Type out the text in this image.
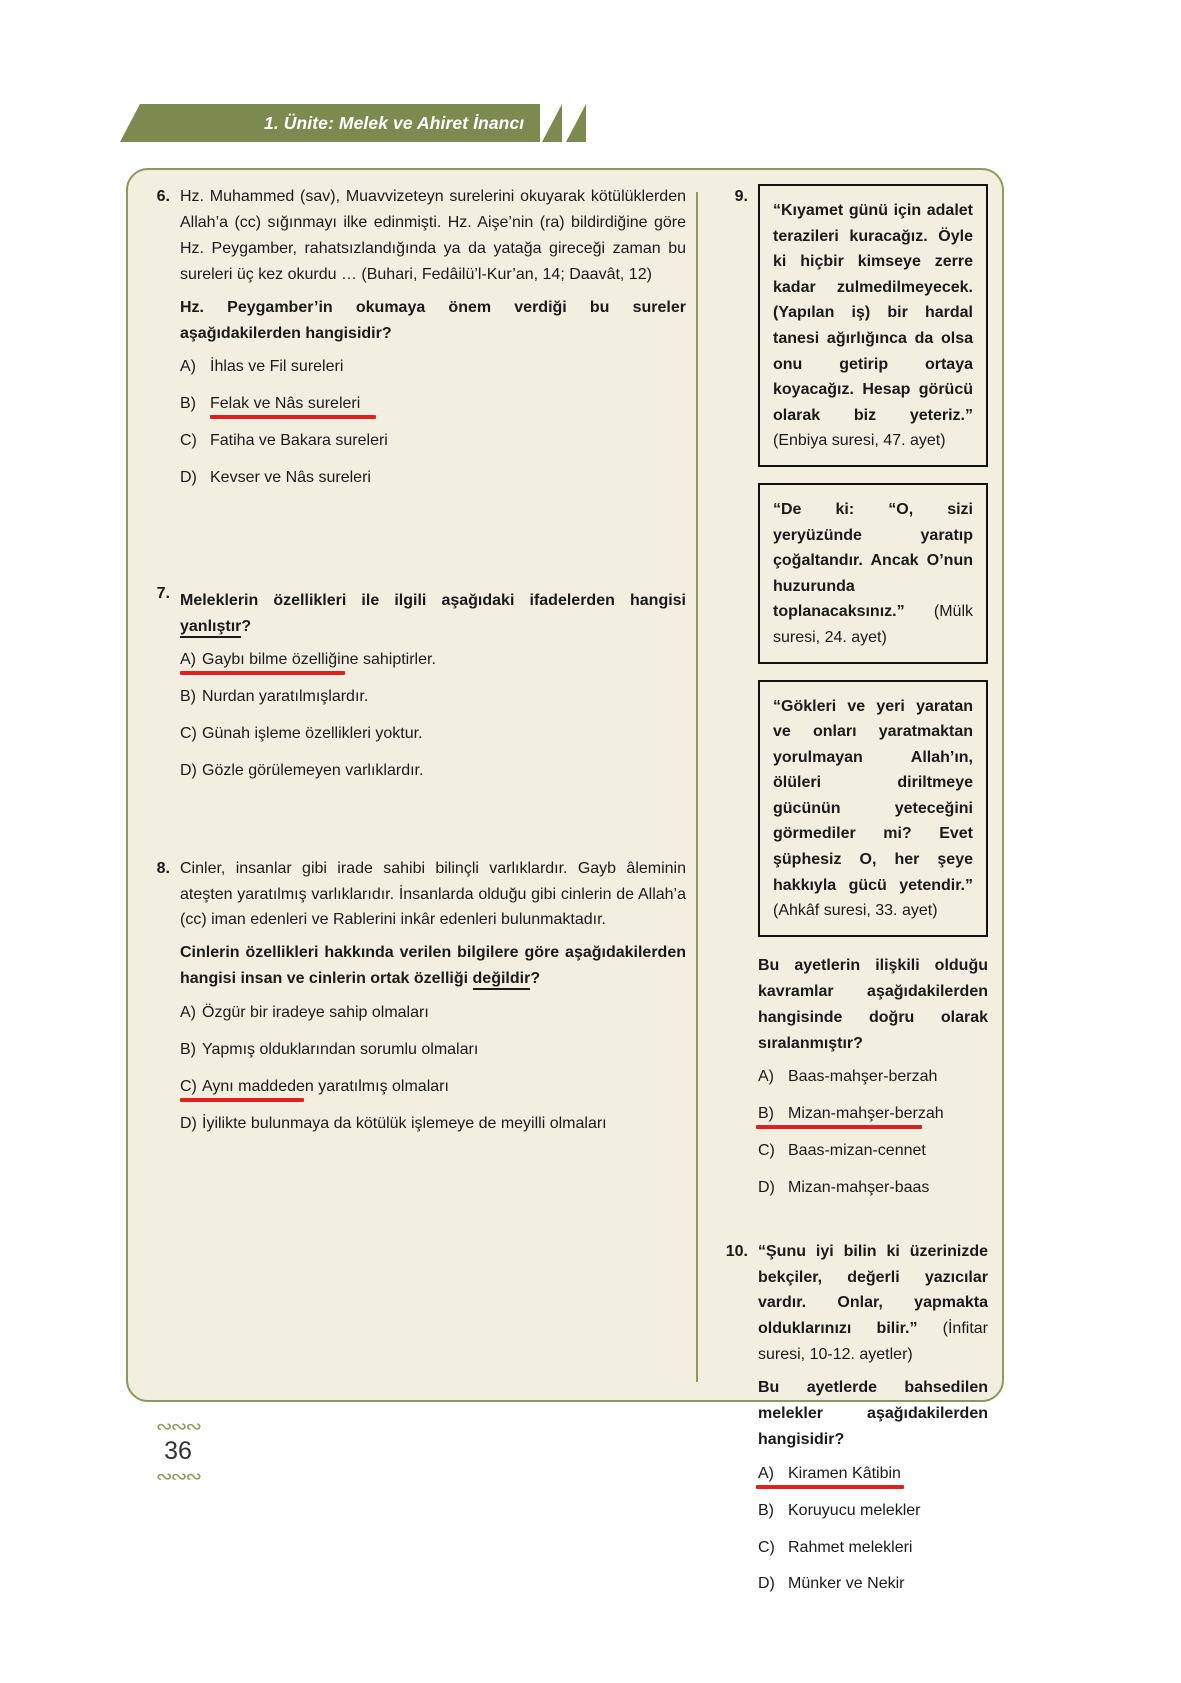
1. Ünite: Melek ve Ahiret İnancı
6. Hz. Muhammed (sav), Muavvizeteyn surelerini okuyarak kötülüklerden Allah’a (cc) sığınmayı ilke edinmişti. Hz. Aişe’nin (ra) bildirdiğine göre Hz. Peygamber, rahatsızlandığında ya da yatağa gireceği zaman bu sureleri üç kez okurdu … (Buhari, Fedâilü’l-Kur’an, 14; Daavât, 12)

Hz. Peygamber’in okumaya önem verdiği bu sureler aşağıdakilerden hangisidir?

A) İhlas ve Fil sureleri
B) Felak ve Nâs sureleri
C) Fatiha ve Bakara sureleri
D) Kevser ve Nâs sureleri
7. Meleklerin özellikleri ile ilgili aşağıdaki ifadelerden hangisi yanlıştır?

A) Gaybı bilme özelliğine sahiptirler.
B) Nurdan yaratılmışlardır.
C) Günah işleme özellikleri yoktur.
D) Gözle görülemeyen varlıklardır.
8. Cinler, insanlar gibi irade sahibi bilinçli varlıklardır. Gayb âleminin ateşten yaratılmış varlıklarıdır. İnsanlarda olduğu gibi cinlerin de Allah’a (cc) iman edenleri ve Rablerini inkâr edenleri bulunmaktadır.

Cinlerin özellikleri hakkında verilen bilgilere göre aşağıdakilerden hangisi insan ve cinlerin ortak özelliği değildir?

A) Özgür bir iradeye sahip olmaları
B) Yapmış olduklarından sorumlu olmaları
C) Aynı maddeden yaratılmış olmaları
D) İyilikte bulunmaya da kötülük işlemeye de meyilli olmaları
9.

“Kıyamet günü için adalet terazileri kuracağız. Öyle ki hiçbir kimseye zerre kadar zulmedilmeyecek. (Yapılan iş) bir hardal tanesi ağırlığınca da olsa onu getirip ortaya koyacağız. Hesap görücü olarak biz yeteriz.” (Enbiya suresi, 47. ayet)

“De ki: “O, sizi yeryüzünde yaratıp çoğaltandır. Ancak O’nun huzurunda toplanacaksınız.” (Mülk suresi, 24. ayet)

“Gökleri ve yeri yaratan ve onları yaratmaktan yorulmayan Allah’ın, ölüleri diriltmeye gücünün yeteceğini görmediler mi? Evet şüphesiz O, her şeye hakkıyla gücü yetendir.” (Ahkâf suresi, 33. ayet)

Bu ayetlerin ilişkili olduğu kavramlar aşağıdakilerden hangisinde doğru olarak sıralanmıştır?

A) Baas-mahşer-berzah
B) Mizan-mahşer-berzah
C) Baas-mizan-cennet
D) Mizan-mahşer-baas
10. “Şunu iyi bilin ki üzerinizde bekçiler, değerli yazıcılar vardır. Onlar, yapmakta olduklarınızı bilir.” (İnfitar suresi, 10-12. ayetler)

Bu ayetlerde bahsedilen melekler aşağıdakilerden hangisidir?

A) Kiramen Kâtibin
B) Koruyucu melekler
C) Rahmet melekleri
D) Münker ve Nekir
∾∾∾
36
∾∾∾
